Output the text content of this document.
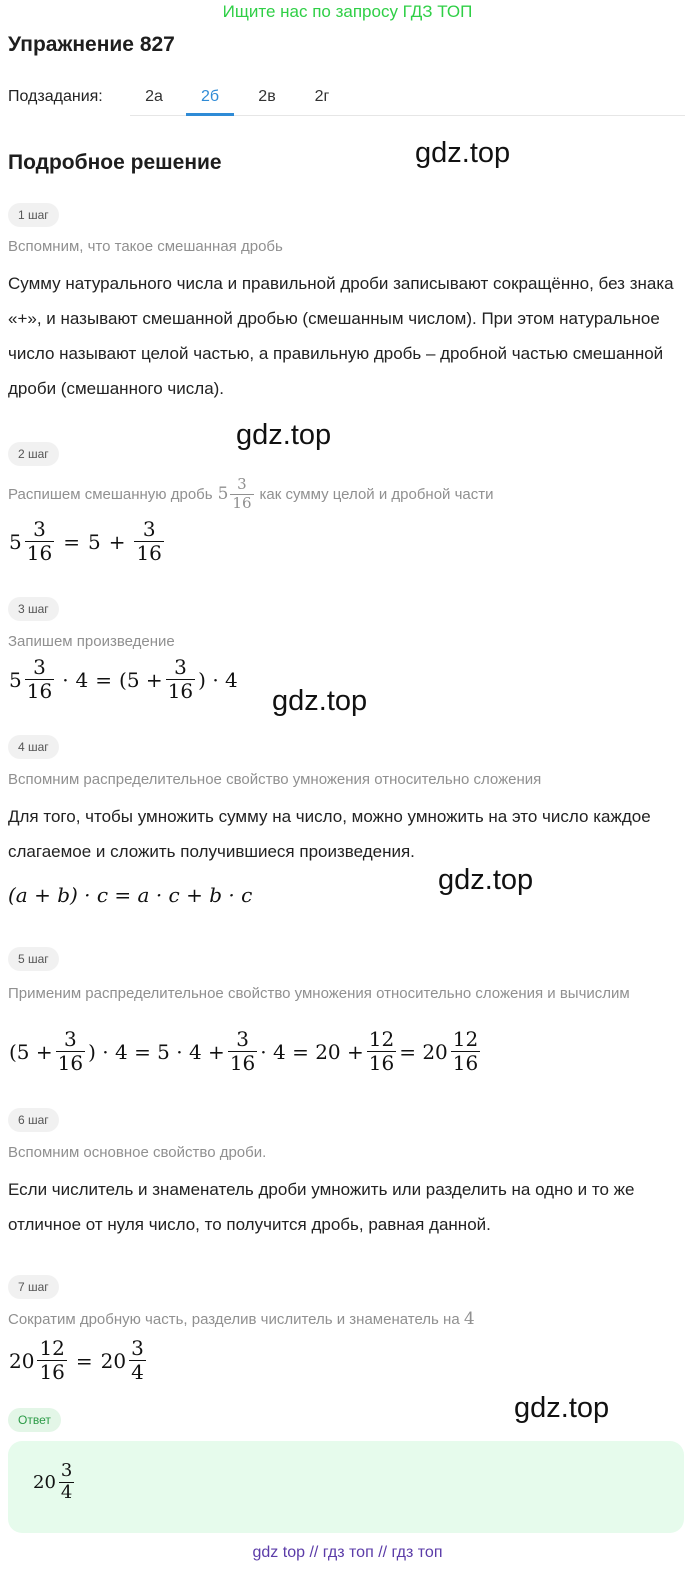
Ищите нас по запросу ГДЗ ТОП
Упражнение 827
Подзадания:	2а	2б	2в	2г
Подробное решение	gdz.top
gdz.top
gdz.top
gdz.top
gdz.top
1 шаг
Вспомним, что такое смешанная дробь
Сумму натурального числа и правильной дроби записывают сокращённо, без знака «+», и называют смешанной дробью (смешанным числом). При этом натуральное число называют целой частью, а правильную дробь – дробной частью смешанной дроби (смешанного числа).
2 шаг
Распишем смешанную дробь $5 \frac{3}{16}$ как сумму целой и дробной части
$5 \frac{3}{16} = 5 + \frac{3}{16}$
3 шаг
Запишем произведение
$5 \frac{3}{16} \cdot 4 = (5 + \frac{3}{16}$ ) · 4
4 шаг
Вспомним распределительное свойство умножения относительно сложения
Для того, чтобы умножить сумму на число, можно умножить на это число каждое слагаемое и сложить получившиеся произведения.
(a + b) · c = a · c + b · c
5 шаг
Применим распределительное свойство умножения относительно сложения и вычислим
($5 + \frac{3}{16}$ ) · $4 = 5 \cdot 4 + \frac{3}{16} \cdot 4 = 20 + \frac{12}{16} = 20 \frac{12}{16}$
6 шаг
Вспомним основное свойство дроби.
Если числитель и знаменатель дроби умножить или разделить на одно и то же отличное от нуля число, то получится дробь, равная данной.
7 шаг
Сократим дробную часть, разделив числитель и знаменатель на 4
$20 \frac{12}{16} = 20 \frac{3}{4}$
Ответ
$20 \frac{3}{4}$
gdz top // гдз топ // гдз топ
